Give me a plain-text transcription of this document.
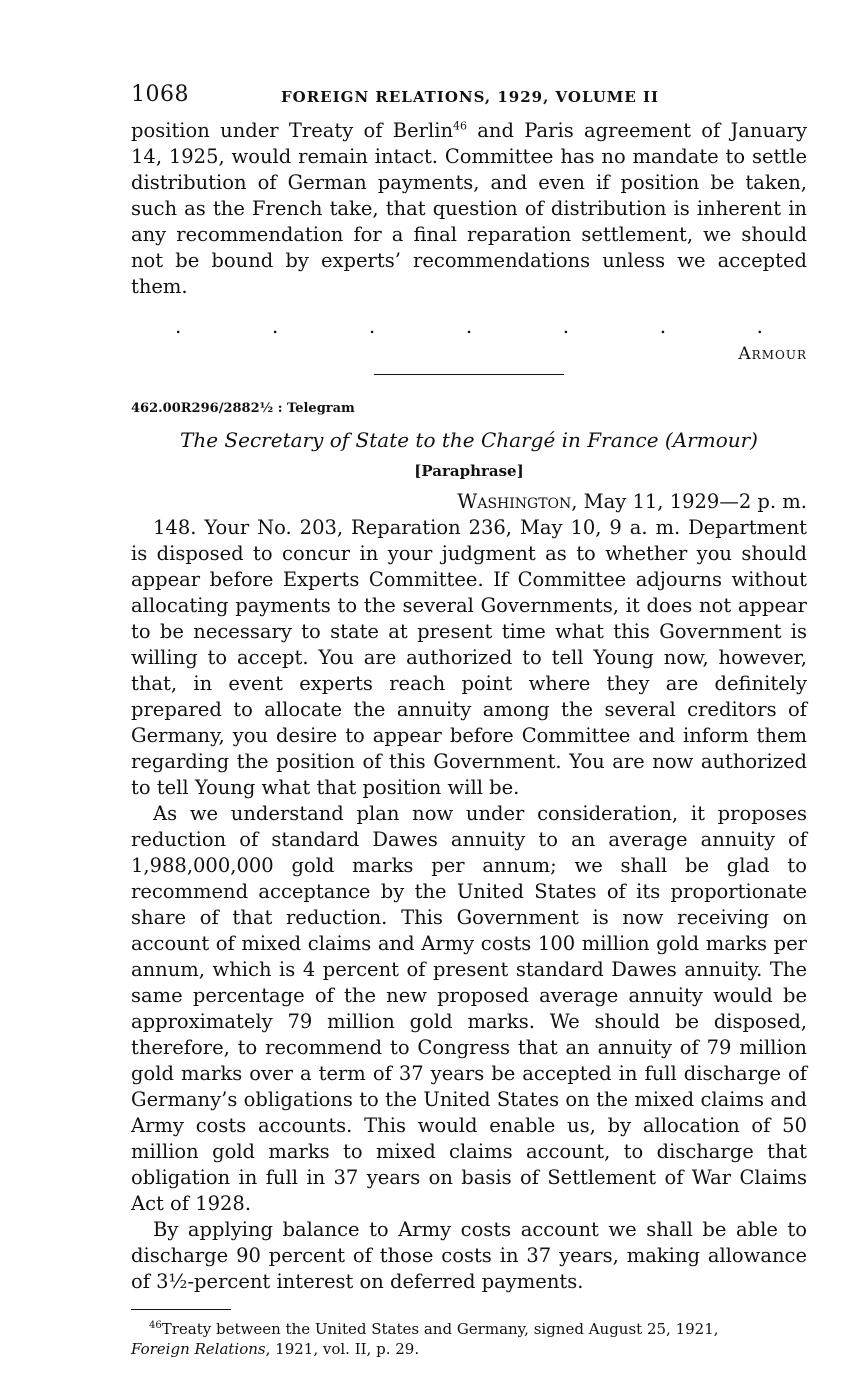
1068	FOREIGN RELATIONS, 1929, VOLUME II

position under Treaty of Berlin$^{46}$ and Paris agreement of January 14, 1925, would remain intact. Committee has no mandate to settle distribution of German payments, and even if position be taken, such as the French take, that question of distribution is inherent in any recommendation for a final reparation settlement, we should not be bound by experts’ recommendations unless we accepted them.

.	.	.	.	.	.	.
Armour
462.00R296/2882½ : Telegram
The Secretary of State to the Chargé in France (Armour)
[Paraphrase]
Washington, May 11, 1929—2 p. m.

148. Your No. 203, Reparation 236, May 10, 9 a. m. Department is disposed to concur in your judgment as to whether you should appear before Experts Committee. If Committee adjourns without allocating payments to the several Governments, it does not appear to be necessary to state at present time what this Government is willing to accept. You are authorized to tell Young now, however, that, in event experts reach point where they are definitely prepared to allocate the annuity among the several creditors of Germany, you desire to appear before Committee and inform them regarding the position of this Government. You are now authorized to tell Young what that position will be.

As we understand plan now under consideration, it proposes reduction of standard Dawes annuity to an average annuity of 1,988,000,000 gold marks per annum; we shall be glad to recommend acceptance by the United States of its proportionate share of that reduction. This Government is now receiving on account of mixed claims and Army costs 100 million gold marks per annum, which is 4 percent of present standard Dawes annuity. The same percentage of the new proposed average annuity would be approximately 79 million gold marks. We should be disposed, therefore, to recommend to Congress that an annuity of 79 million gold marks over a term of 37 years be accepted in full discharge of Germany’s obligations to the United States on the mixed claims and Army costs accounts. This would enable us, by allocation of 50 million gold marks to mixed claims account, to discharge that obligation in full in 37 years on basis of Settlement of War Claims Act of 1928.

By applying balance to Army costs account we shall be able to discharge 90 percent of those costs in 37 years, making allowance of 3½-percent interest on deferred payments.

$^{46}$Treaty between the United States and Germany, signed August 25, 1921,
Foreign Relations, 1921, vol. II, p. 29.
